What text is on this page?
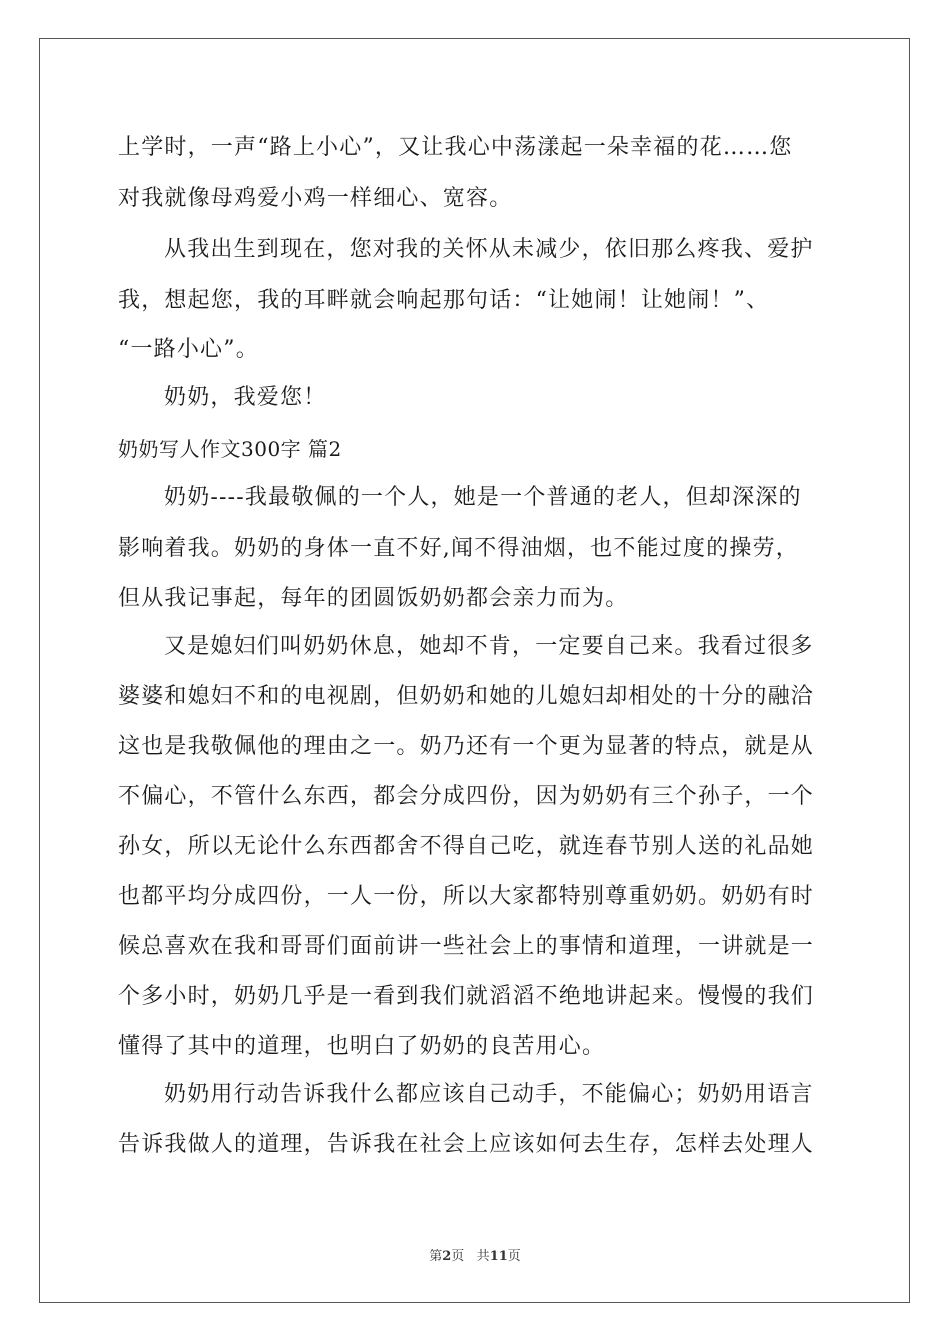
上学时，一声“路上小心”，又让我心中荡漾起一朵幸福的花……您
对我就像母鸡爱小鸡一样细心、宽容。
从我出生到现在，您对我的关怀从未减少，依旧那么疼我、爱护
我，想起您，我的耳畔就会响起那句话：“让她闹！让她闹！”、
“一路小心”。
奶奶，我爱您！
奶奶写人作文300字 篇2
奶奶----我最敬佩的一个人，她是一个普通的老人，但却深深的
影响着我。奶奶的身体一直不好,闻不得油烟，也不能过度的操劳，
但从我记事起，每年的团圆饭奶奶都会亲力而为。
又是媳妇们叫奶奶休息，她却不肯，一定要自己来。我看过很多
婆婆和媳妇不和的电视剧，但奶奶和她的儿媳妇却相处的十分的融洽
这也是我敬佩他的理由之一。奶乃还有一个更为显著的特点，就是从
不偏心，不管什么东西，都会分成四份，因为奶奶有三个孙子，一个
孙女，所以无论什么东西都舍不得自己吃，就连春节别人送的礼品她
也都平均分成四份，一人一份，所以大家都特别尊重奶奶。奶奶有时
候总喜欢在我和哥哥们面前讲一些社会上的事情和道理，一讲就是一
个多小时，奶奶几乎是一看到我们就滔滔不绝地讲起来。慢慢的我们
懂得了其中的道理，也明白了奶奶的良苦用心。
奶奶用行动告诉我什么都应该自己动手，不能偏心；奶奶用语言
告诉我做人的道理，告诉我在社会上应该如何去生存，怎样去处理人
第2页 共11页
